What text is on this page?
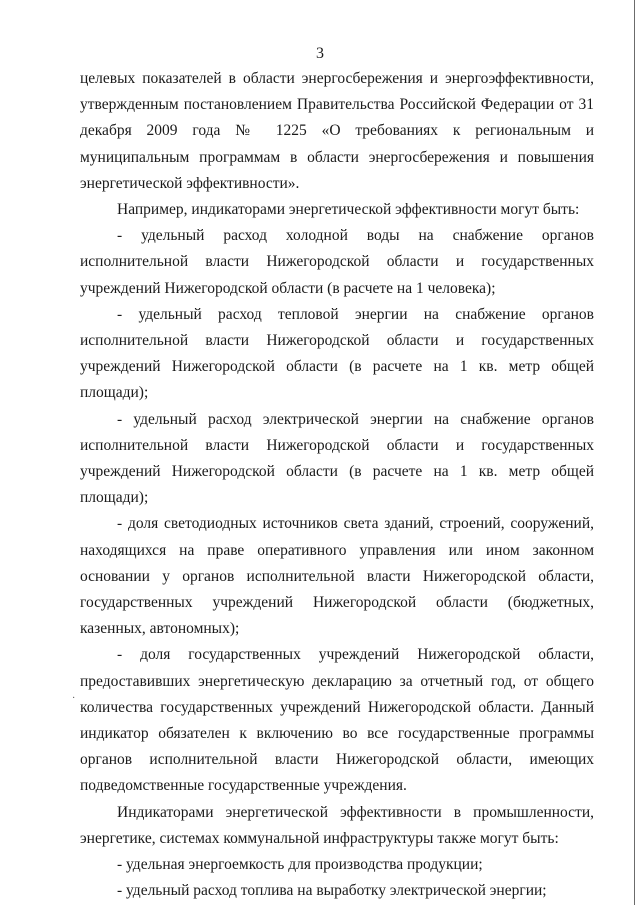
3

целевых показателей в области энергосбережения и энергоэффективности, утвержденным постановлением Правительства Российской Федерации от 31 декабря 2009 года № 1225 «О требованиях к региональным и муниципальным программам в области энергосбережения и повышения энергетической эффективности».

Например, индикаторами энергетической эффективности могут быть:

- удельный расход холодной воды на снабжение органов исполнительной власти Нижегородской области и государственных учреждений Нижегородской области (в расчете на 1 человека);

- удельный расход тепловой энергии на снабжение органов исполнительной власти Нижегородской области и государственных учреждений Нижегородской области (в расчете на 1 кв. метр общей площади);

- удельный расход электрической энергии на снабжение органов исполнительной власти Нижегородской области и государственных учреждений Нижегородской области (в расчете на 1 кв. метр общей площади);

- доля светодиодных источников света зданий, строений, сооружений, находящихся на праве оперативного управления или ином законном основании у органов исполнительной власти Нижегородской области, государственных учреждений Нижегородской области (бюджетных, казенных, автономных);

- доля государственных учреждений Нижегородской области, предоставивших энергетическую декларацию за отчетный год, от общего количества государственных учреждений Нижегородской области. Данный индикатор обязателен к включению во все государственные программы органов исполнительной власти Нижегородской области, имеющих подведомственные государственные учреждения.

Индикаторами энергетической эффективности в промышленности, энергетике, системах коммунальной инфраструктуры также могут быть:

- удельная энергоемкость для производства продукции;

- удельный расход топлива на выработку электрической энергии;

·
